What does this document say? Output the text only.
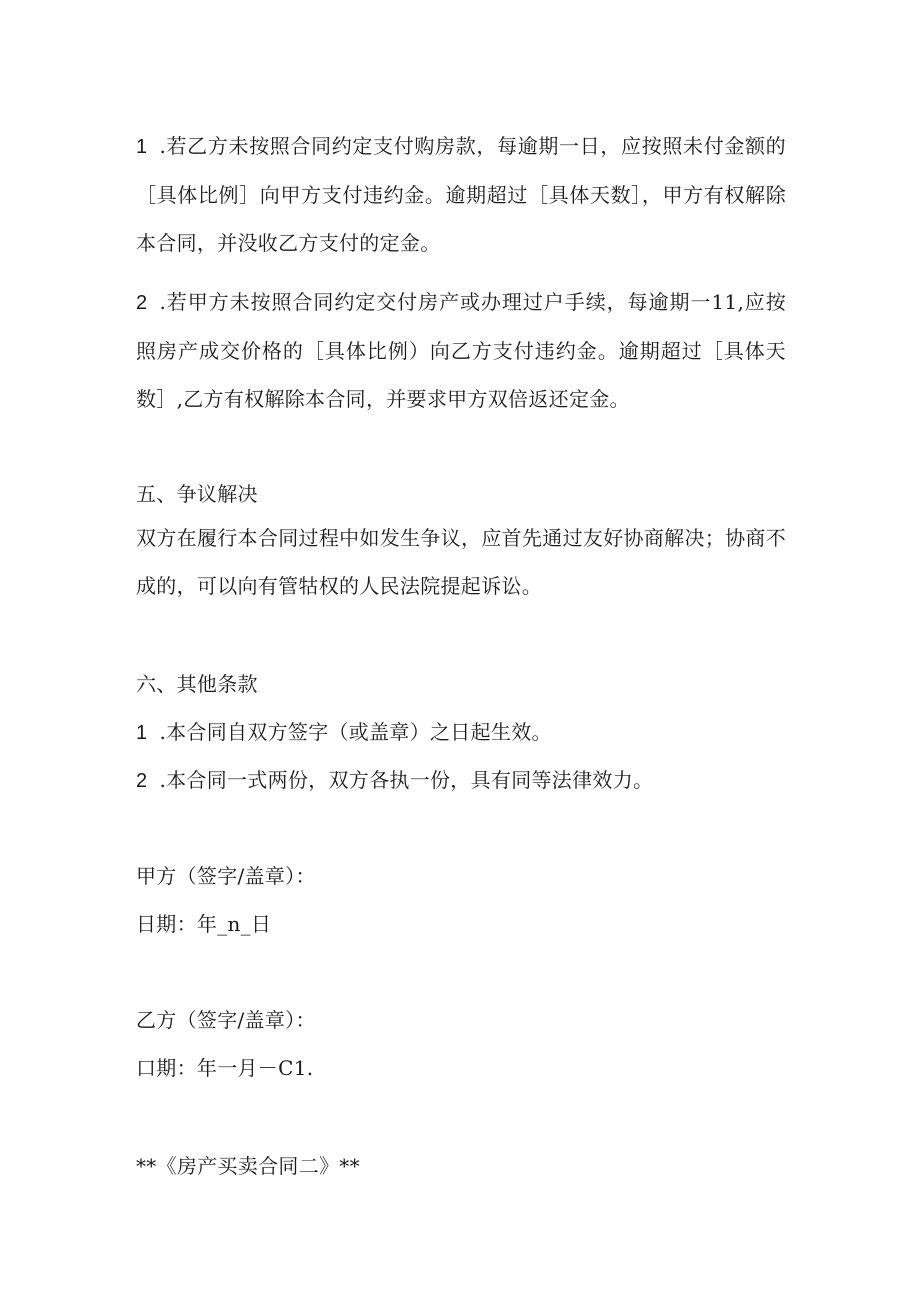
1 .若乙方未按照合同约定支付购房款，每逾期一日，应按照未付金额的［具体比例］向甲方支付违约金。逾期超过［具体天数］，甲方有权解除本合同，并没收乙方支付的定金。

2 .若甲方未按照合同约定交付房产或办理过户手续，每逾期一11,应按照房产成交价格的［具体比例）向乙方支付违约金。逾期超过［具体天数］,乙方有权解除本合同，并要求甲方双倍返还定金。

五、争议解决

双方在履行本合同过程中如发生争议，应首先通过友好协商解决；协商不成的，可以向有管牯权的人民法院提起诉讼。

六、其他条款

1 .本合同自双方签字（或盖章）之日起生效。

2 .本合同一式两份，双方各执一份，具有同等法律效力。

甲方（签字/盖章）：

日期：年_n_日

乙方（签字/盖章）：

口期：年一月－C1.

**《房产买卖合同二》**
